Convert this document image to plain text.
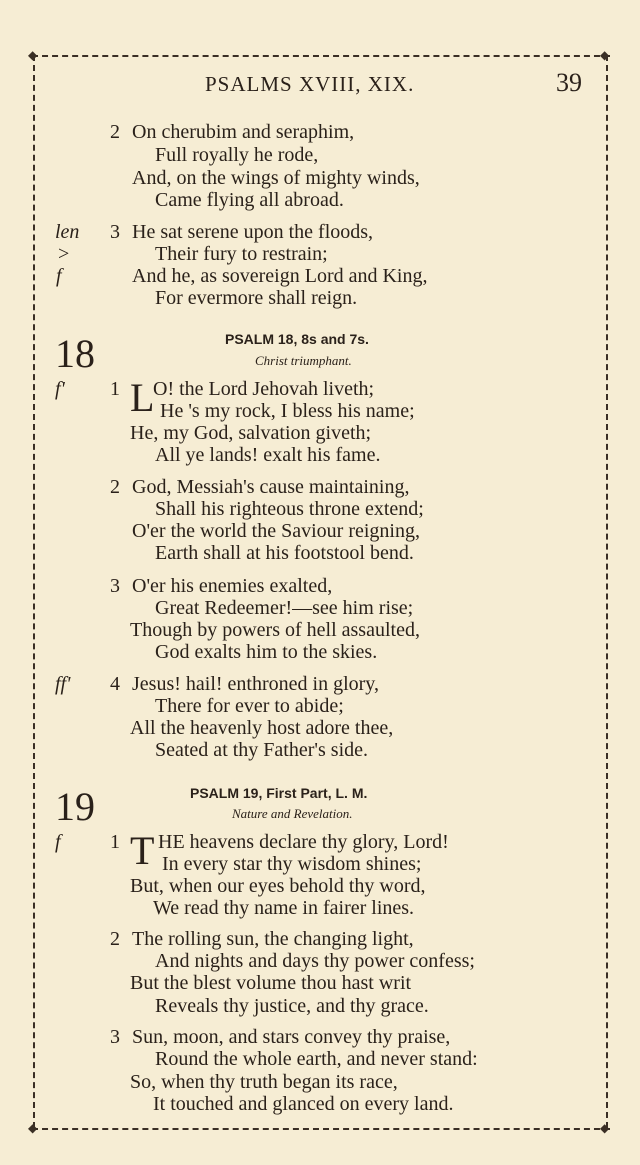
◆	◆
◆	◆
PSALMS XVIII, XIX.	39
2 On cherubim and seraphim,
Full royally he rode,
And, on the wings of mighty winds,
Came flying all abroad.
len
>
f
3 He sat serene upon the floods,
Their fury to restrain;
And he, as sovereign Lord and King,
For evermore shall reign.
18	PSALM 18, 8s and 7s.
Christ triumphant.
f' 1 L
O! the Lord Jehovah liveth;
He 's my rock, I bless his name;
He, my God, salvation giveth;
All ye lands! exalt his fame.
2 God, Messiah's cause maintaining,
Shall his righteous throne extend;
O'er the world the Saviour reigning,
Earth shall at his footstool bend.
3 O'er his enemies exalted,
Great Redeemer!—see him rise;
Though by powers of hell assaulted,
God exalts him to the skies.
ff' 4 Jesus! hail! enthroned in glory,
There for ever to abide;
All the heavenly host adore thee,
Seated at thy Father's side.
19	PSALM 19, First Part, L. M.
Nature and Revelation.
f 1 T HE heavens declare thy glory, Lord!
In every star thy wisdom shines;
But, when our eyes behold thy word,
We read thy name in fairer lines.
2 The rolling sun, the changing light,
And nights and days thy power confess;
But the blest volume thou hast writ
Reveals thy justice, and thy grace.
3 Sun, moon, and stars convey thy praise,
Round the whole earth, and never stand:
So, when thy truth began its race,
It touched and glanced on every land.
